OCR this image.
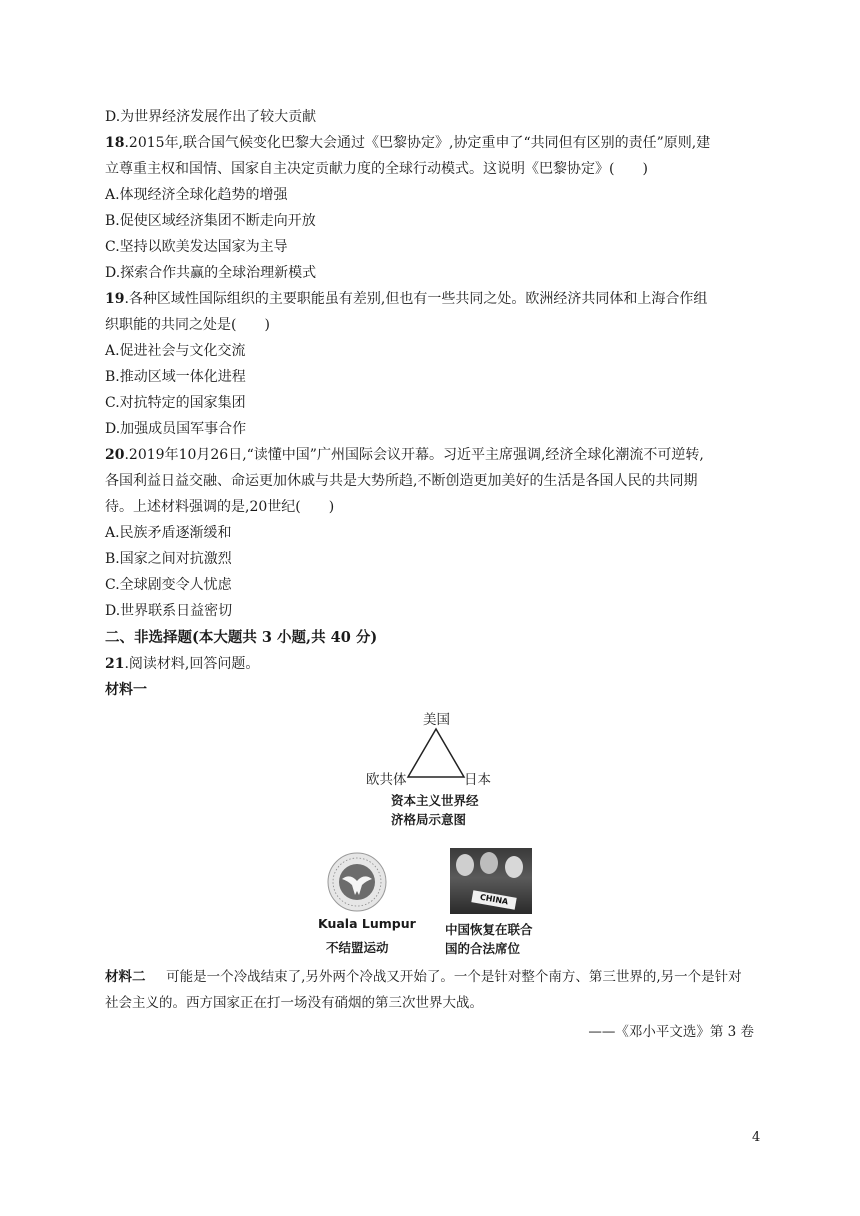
D.为世界经济发展作出了较大贡献
18.2015年,联合国气候变化巴黎大会通过《巴黎协定》,协定重申了“共同但有区别的责任”原则,建
立尊重主权和国情、国家自主决定贡献力度的全球行动模式。这说明《巴黎协定》(　　)
A.体现经济全球化趋势的增强
B.促使区域经济集团不断走向开放
C.坚持以欧美发达国家为主导
D.探索合作共赢的全球治理新模式
19.各种区域性国际组织的主要职能虽有差别,但也有一些共同之处。欧洲经济共同体和上海合作组
织职能的共同之处是(　　)
A.促进社会与文化交流
B.推动区域一体化进程
C.对抗特定的国家集团
D.加强成员国军事合作
20.2019年10月26日,“读懂中国”广州国际会议开幕。习近平主席强调,经济全球化潮流不可逆转,
各国利益日益交融、命运更加休戚与共是大势所趋,不断创造更加美好的生活是各国人民的共同期
待。上述材料强调的是,20世纪(　　)
A.民族矛盾逐渐缓和
B.国家之间对抗激烈
C.全球剧变令人忧虑
D.世界联系日益密切
二、非选择题(本大题共 3 小题,共 40 分)
21.阅读材料,回答问题。
材料一
美国
欧共体	日本
资本主义世界经
济格局示意图
Kuala Lumpur
不结盟运动
CHINA
中国恢复在联合
国的合法席位
材料二 可能是一个冷战结束了,另外两个冷战又开始了。一个是针对整个南方、第三世界的,另一个是针对社会主义的。西方国家正在打一场没有硝烟的第三次世界大战。
——《邓小平文选》第 3 卷
4
